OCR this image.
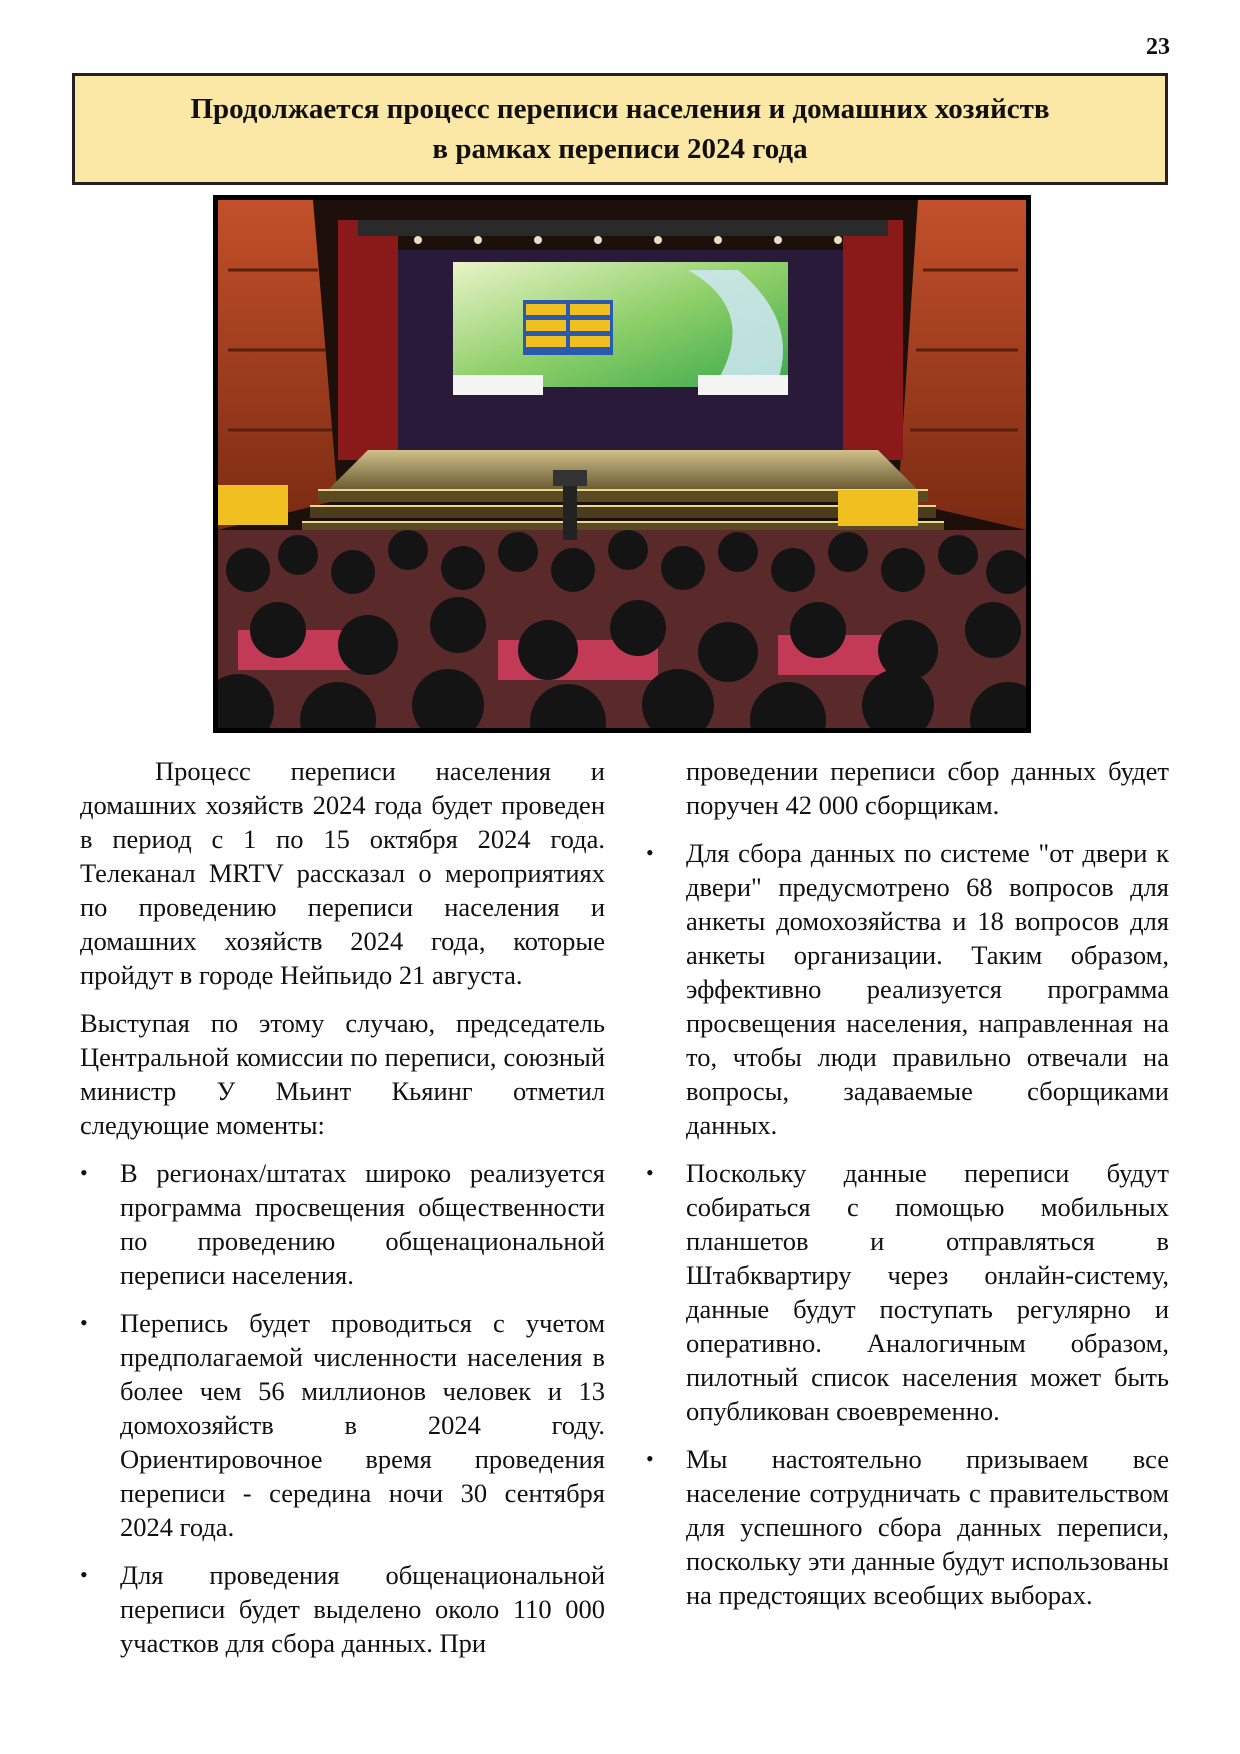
23
Продолжается процесс переписи населения и домашних хозяйств
в рамках переписи 2024 года

Процесс переписи населения и домашних хозяйств 2024 года будет проведен в период с 1 по 15 октября 2024 года. Телеканал MRTV рассказал о мероприятиях по проведению переписи населения и домашних хозяйств 2024 года, которые пройдут в городе Нейпьидо 21 августа.

Выступая по этому случаю, председатель Центральной комиссии по переписи, союзный министр У Мьинт Кьяинг отметил следующие моменты:

• В регионах/штатах широко реализуется программа просвещения общественности по проведению общенациональной переписи населения.
• Перепись будет проводиться с учетом предполагаемой численности населения в более чем 56 миллионов человек и 13 домохозяйств в 2024 году. Ориентировочное время проведения переписи - середина ночи 30 сентября 2024 года.
• Для проведения общенациональной переписи будет выделено около 110 000 участков для сбора данных. При

проведении переписи сбор данных будет поручен 42 000 сборщикам.

• Для сбора данных по системе "от двери к двери" предусмотрено 68 вопросов для анкеты домохозяйства и 18 вопросов для анкеты организации. Таким образом, эффективно реализуется программа просвещения населения, направленная на то, чтобы люди правильно отвечали на вопросы, задаваемые сборщиками данных.
• Поскольку данные переписи будут собираться с помощью мобильных планшетов и отправляться в Штабквартиру через онлайн-систему, данные будут поступать регулярно и оперативно. Аналогичным образом, пилотный список населения может быть опубликован своевременно.
• Мы настоятельно призываем все население сотрудничать с правительством для успешного сбора данных переписи, поскольку эти данные будут использованы на предстоящих всеобщих выборах.
